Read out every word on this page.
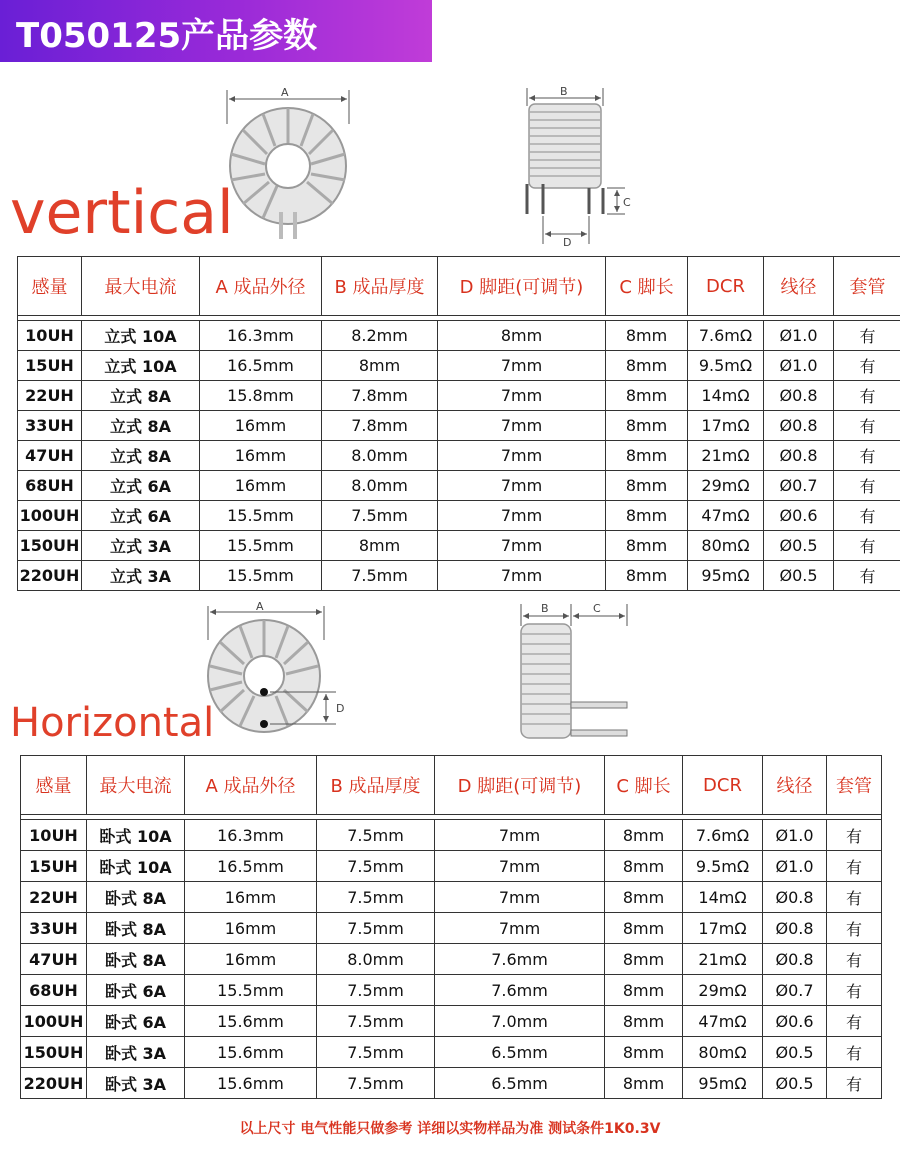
T050125产品参数
A	B
C
D
vertical
感量	最大电流	A 成品外径	B 成品厚度	D 脚距(可调节)	C 脚长	DCR	线径	套管

10UH	立式 10A	16.3mm	8.2mm	8mm	8mm	7.6mΩ	Ø1.0	有
15UH	立式 10A	16.5mm	8mm	7mm	8mm	9.5mΩ	Ø1.0	有
22UH	立式 8A	15.8mm	7.8mm	7mm	8mm	14mΩ	Ø0.8	有
33UH	立式 8A	16mm	7.8mm	7mm	8mm	17mΩ	Ø0.8	有
47UH	立式 8A	16mm	8.0mm	7mm	8mm	21mΩ	Ø0.8	有
68UH	立式 6A	16mm	8.0mm	7mm	8mm	29mΩ	Ø0.7	有
100UH	立式 6A	15.5mm	7.5mm	7mm	8mm	47mΩ	Ø0.6	有
150UH	立式 3A	15.5mm	8mm	7mm	8mm	80mΩ	Ø0.5	有
220UH	立式 3A	15.5mm	7.5mm	7mm	8mm	95mΩ	Ø0.5	有
A
D
B	C
Horizontal
感量	最大电流	A 成品外径	B 成品厚度	D 脚距(可调节)	C 脚长	DCR	线径	套管

10UH	卧式 10A	16.3mm	7.5mm	7mm	8mm	7.6mΩ	Ø1.0	有
15UH	卧式 10A	16.5mm	7.5mm	7mm	8mm	9.5mΩ	Ø1.0	有
22UH	卧式 8A	16mm	7.5mm	7mm	8mm	14mΩ	Ø0.8	有
33UH	卧式 8A	16mm	7.5mm	7mm	8mm	17mΩ	Ø0.8	有
47UH	卧式 8A	16mm	8.0mm	7.6mm	8mm	21mΩ	Ø0.8	有
68UH	卧式 6A	15.5mm	7.5mm	7.6mm	8mm	29mΩ	Ø0.7	有
100UH	卧式 6A	15.6mm	7.5mm	7.0mm	8mm	47mΩ	Ø0.6	有
150UH	卧式 3A	15.6mm	7.5mm	6.5mm	8mm	80mΩ	Ø0.5	有
220UH	卧式 3A	15.6mm	7.5mm	6.5mm	8mm	95mΩ	Ø0.5	有
以上尺寸 电气性能只做参考 详细以实物样品为准 测试条件1K0.3V
